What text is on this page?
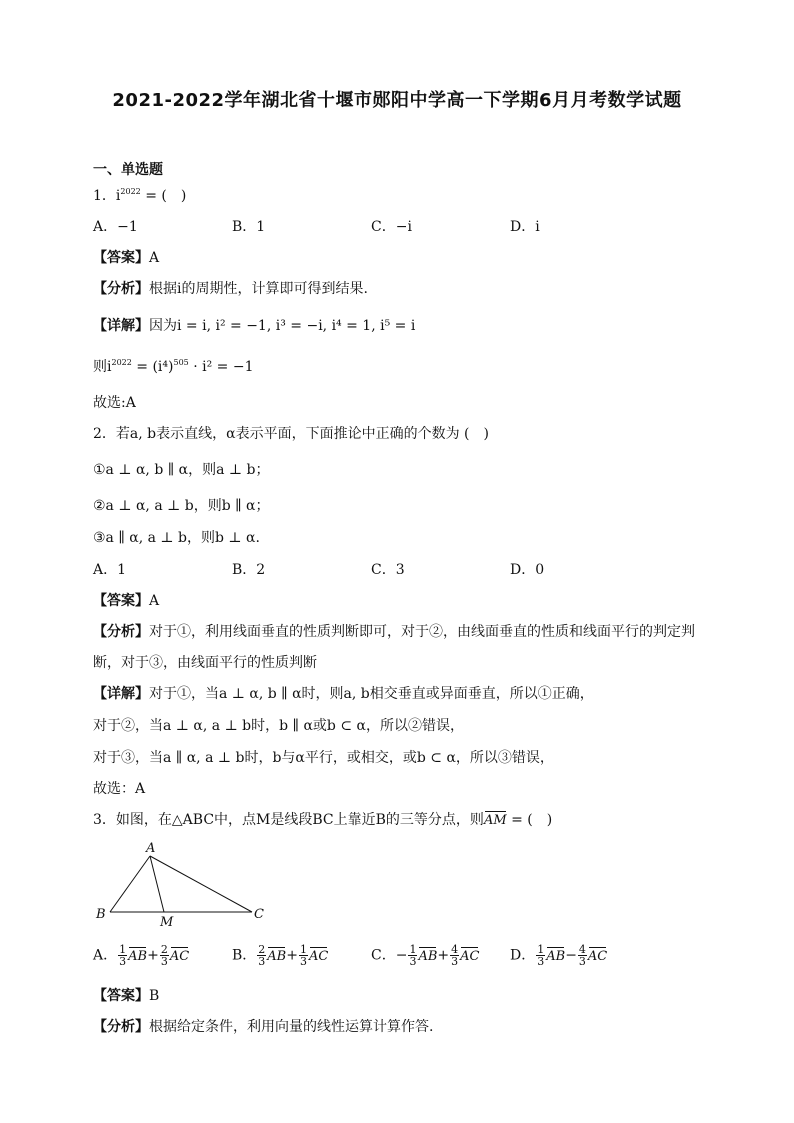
2021-2022学年湖北省十堰市郧阳中学高一下学期6月月考数学试题
一、单选题
1．$i^{2022}$ = (　)
A．−1	B．1	C．−i	D．i
【答案】A
【分析】根据i的周期性，计算即可得到结果.
【详解】因为i = i, i² = −1, i³ = −i, i⁴ = 1, i⁵ = i
则$i^{2022} = (i^4)^{505} \cdot i^2 = -1$
故选:A
2．若a, b表示直线，α表示平面，下面推论中正确的个数为 (　)
①a ⊥ α, b ∥ α，则a ⊥ b；
②a ⊥ α, a ⊥ b，则b ∥ α；
③a ∥ α, a ⊥ b，则b ⊥ α.
A．1	B．2	C．3	D．0
【答案】A
【分析】对于①，利用线面垂直的性质判断即可，对于②，由线面垂直的性质和线面平行的判定判
断，对于③，由线面平行的性质判断
【详解】对于①，当a ⊥ α, b ∥ α时，则a, b相交垂直或异面垂直，所以①正确，
对于②，当a ⊥ α, a ⊥ b时，b ∥ α或b ⊂ α，所以②错误，
对于③，当a ∥ α, a ⊥ b时，b与α平行，或相交，或b ⊂ α，所以③错误，
故选：A
3．如图，在△ABC中，点M是线段BC上靠近B的三等分点，则AM = (　)
A
B	C
M
A． $\frac{1}{3} AB+ \frac{2}{3}$ AC	B． $\frac{2}{3} AB+ \frac{1}{3}$ AC	C．− $\frac{1}{3} AB+ \frac{4}{3}$ AC D． $\frac{1}{3} AB- \frac{4}{3}$ AC
【答案】B
【分析】根据给定条件，利用向量的线性运算计算作答.
